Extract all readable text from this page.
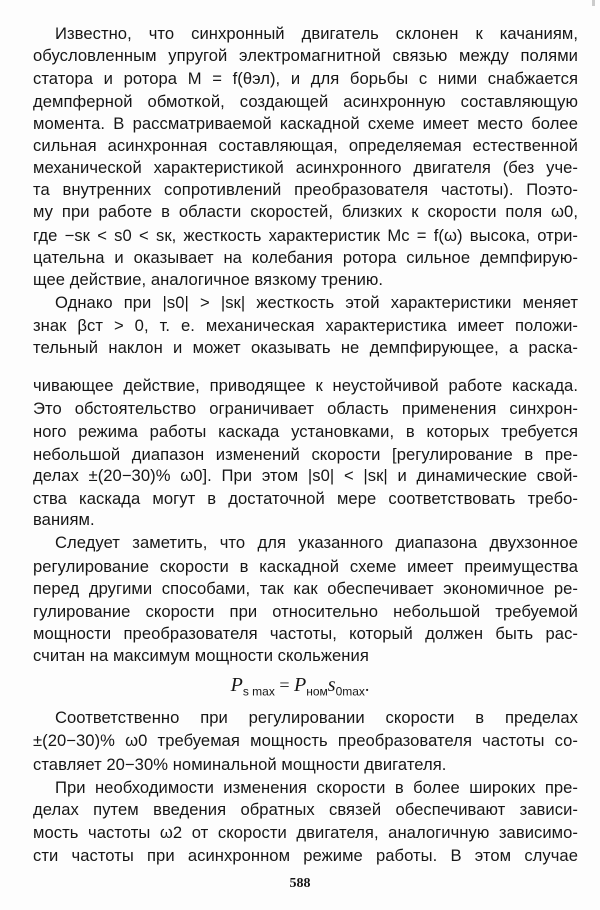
Известно, что синхронный двигатель склонен к качаниям,
обусловленным упругой электромагнитной связью между полями
статора и ротора M = f(θэл), и для борьбы с ними снабжается
демпферной обмоткой, создающей асинхронную составляющую
момента. В рассматриваемой каскадной схеме имеет место более
сильная асинхронная составляющая, определяемая естественной
механической характеристикой асинхронного двигателя (без уче-
та внутренних сопротивлений преобразователя частоты). Поэто-
му при работе в области скоростей, близких к скорости поля ω0,
где −sк < s0 < sк, жесткость характеристик Mс = f(ω) высока, отри-
цательна и оказывает на колебания ротора сильное демпфирую-
щее действие, аналогичное вязкому трению.
Однако при |s0| > |sк| жесткость этой характеристики меняет
знак βст > 0, т. е. механическая характеристика имеет положи-
тельный наклон и может оказывать не демпфирующее, а раска-
чивающее действие, приводящее к неустойчивой работе каскада.
Это обстоятельство ограничивает область применения синхрон-
ного режима работы каскада установками, в которых требуется
небольшой диапазон изменений скорости [регулирование в пре-
делах ±(20−30)% ω0]. При этом |s0| < |sк| и динамические свой-
ства каскада могут в достаточной мере соответствовать требо-
ваниям.
Следует заметить, что для указанного диапазона двухзонное
регулирование скорости в каскадной схеме имеет преимущества
перед другими способами, так как обеспечивает экономичное ре-
гулирование скорости при относительно небольшой требуемой
мощности преобразователя частоты, который должен быть рас-
считан на максимум мощности скольжения
Соответственно при регулировании скорости в пределах
±(20−30)% ω0 требуемая мощность преобразователя частоты со-
ставляет 20−30% номинальной мощности двигателя.
При необходимости изменения скорости в более широких пре-
делах путем введения обратных связей обеспечивают зависи-
мость частоты ω2 от скорости двигателя, аналогичную зависимо-
сти частоты при асинхронном режиме работы. В этом случае
$P_{s max} = P_{ном}s_{0max}$.
588
